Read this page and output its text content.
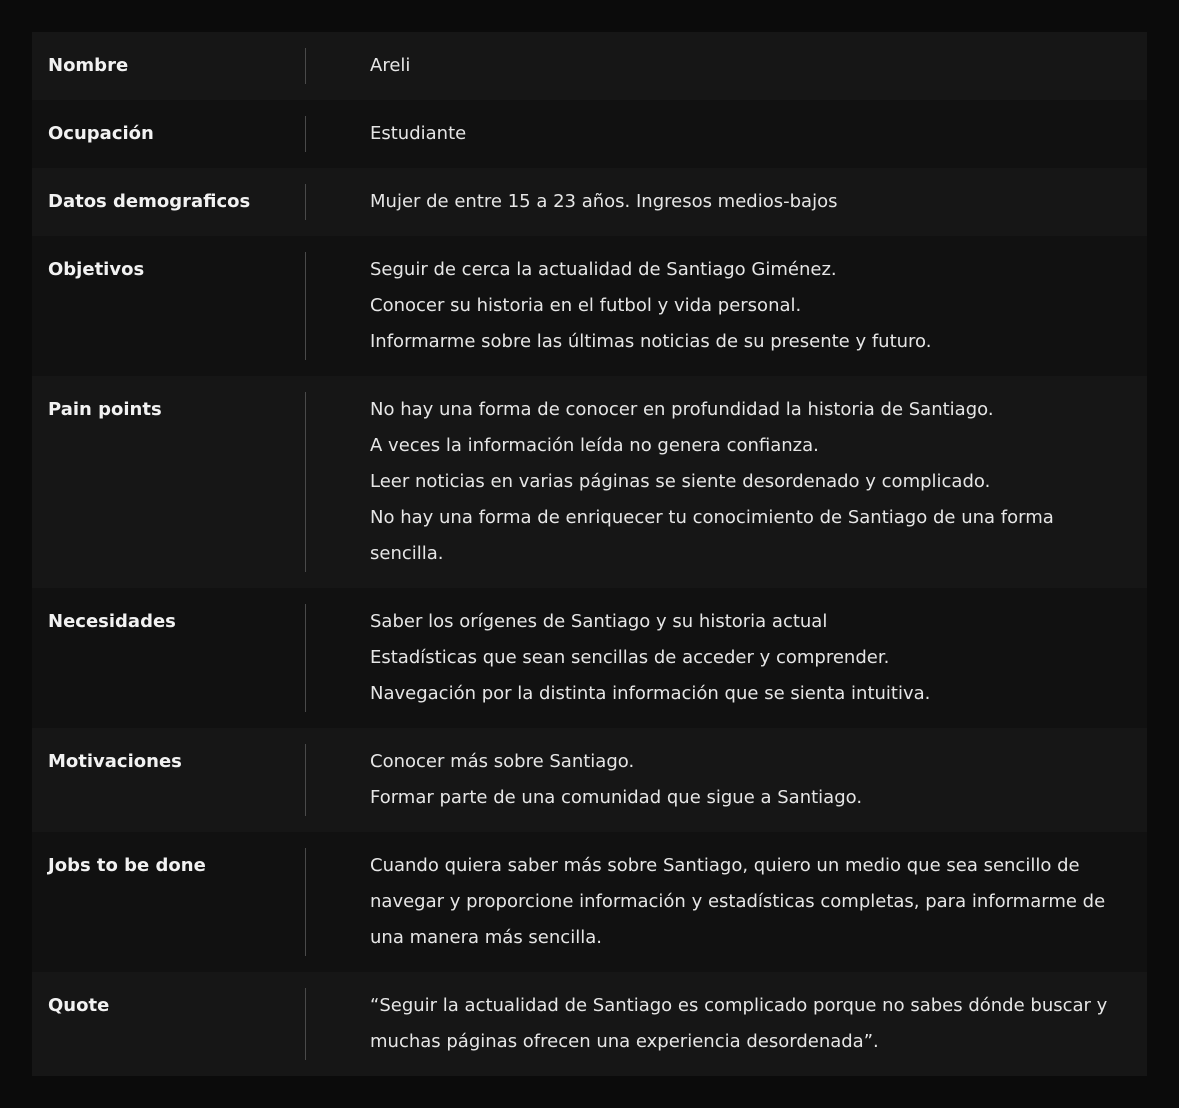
Nombre	Areli
Ocupación	Estudiante
Datos demograficos	Mujer de entre 15 a 23 años. Ingresos medios-bajos
Objetivos	Seguir de cerca la actualidad de Santiago Giménez.
Conocer su historia en el futbol y vida personal.
Informarme sobre las últimas noticias de su presente y futuro.
Pain points	No hay una forma de conocer en profundidad la historia de Santiago.
A veces la información leída no genera confianza.
Leer noticias en varias páginas se siente desordenado y complicado.
No hay una forma de enriquecer tu conocimiento de Santiago de una forma sencilla.
Necesidades	Saber los orígenes de Santiago y su historia actual
Estadísticas que sean sencillas de acceder y comprender.
Navegación por la distinta información que se sienta intuitiva.
Motivaciones	Conocer más sobre Santiago.
Formar parte de una comunidad que sigue a Santiago.
Jobs to be done	Cuando quiera saber más sobre Santiago, quiero un medio que sea sencillo de navegar y proporcione información y estadísticas completas, para informarme de una manera más sencilla.
Quote	“Seguir la actualidad de Santiago es complicado porque no sabes dónde buscar y muchas páginas ofrecen una experiencia desordenada”.
